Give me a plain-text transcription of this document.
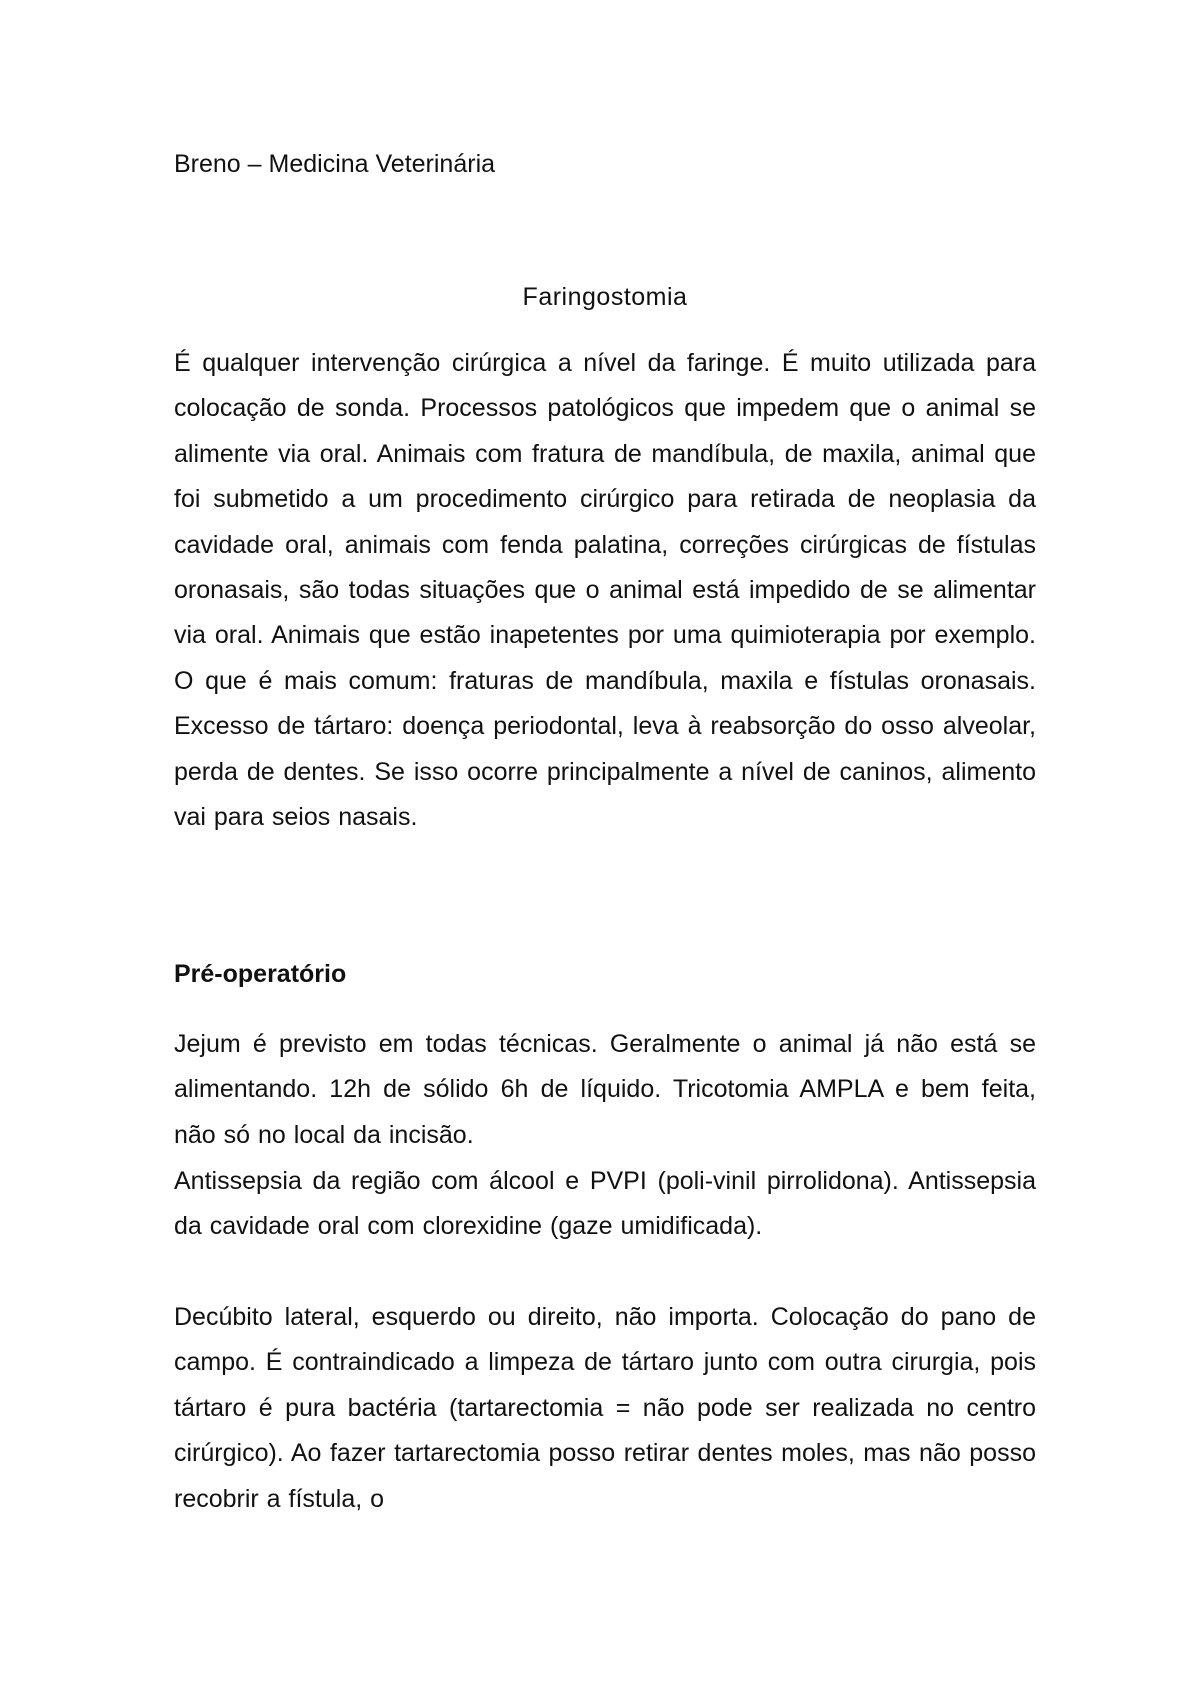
Breno – Medicina Veterinária
Faringostomia

É qualquer intervenção cirúrgica a nível da faringe. É muito utilizada para colocação de sonda. Processos patológicos que impedem que o animal se alimente via oral. Animais com fratura de mandíbula, de maxila, animal que foi submetido a um procedimento cirúrgico para retirada de neoplasia da cavidade oral, animais com fenda palatina, correções cirúrgicas de fístulas oronasais, são todas situações que o animal está impedido de se alimentar via oral. Animais que estão inapetentes por uma quimioterapia por exemplo. O que é mais comum: fraturas de mandíbula, maxila e fístulas oronasais. Excesso de tártaro: doença periodontal, leva à reabsorção do osso alveolar, perda de dentes. Se isso ocorre principalmente a nível de caninos, alimento vai para seios nasais.

Pré-operatório

Jejum é previsto em todas técnicas. Geralmente o animal já não está se alimentando. 12h de sólido 6h de líquido. Tricotomia AMPLA e bem feita, não só no local da incisão.

Antissepsia da região com álcool e PVPI (poli-vinil pirrolidona). Antissepsia da cavidade oral com clorexidine (gaze umidificada).

Decúbito lateral, esquerdo ou direito, não importa. Colocação do pano de campo. É contraindicado a limpeza de tártaro junto com outra cirurgia, pois tártaro é pura bactéria (tartarectomia = não pode ser realizada no centro cirúrgico). Ao fazer tartarectomia posso retirar dentes moles, mas não posso recobrir a fístula, o
